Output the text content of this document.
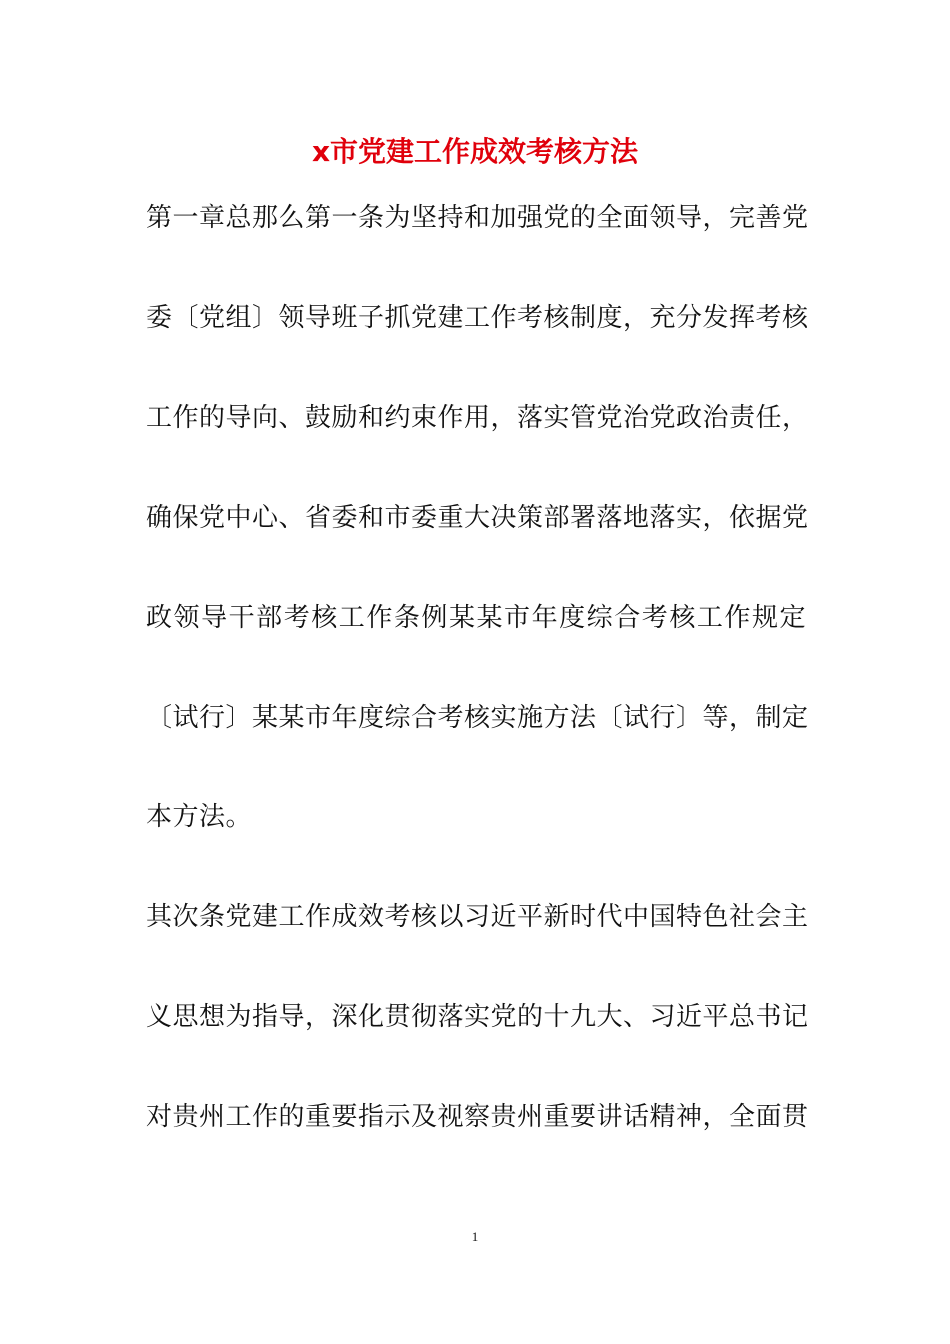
x市党建工作成效考核方法

第一章总那么第一条为坚持和加强党的全面领导，完善党

委〔党组〕领导班子抓党建工作考核制度，充分发挥考核

工作的导向、鼓励和约束作用，落实管党治党政治责任，

确保党中心、省委和市委重大决策部署落地落实，依据党

政领导干部考核工作条例某某市年度综合考核工作规定

〔试行〕某某市年度综合考核实施方法〔试行〕等，制定

本方法。

其次条党建工作成效考核以习近平新时代中国特色社会主

义思想为指导，深化贯彻落实党的十九大、习近平总书记

对贵州工作的重要指示及视察贵州重要讲话精神，全面贯

1
